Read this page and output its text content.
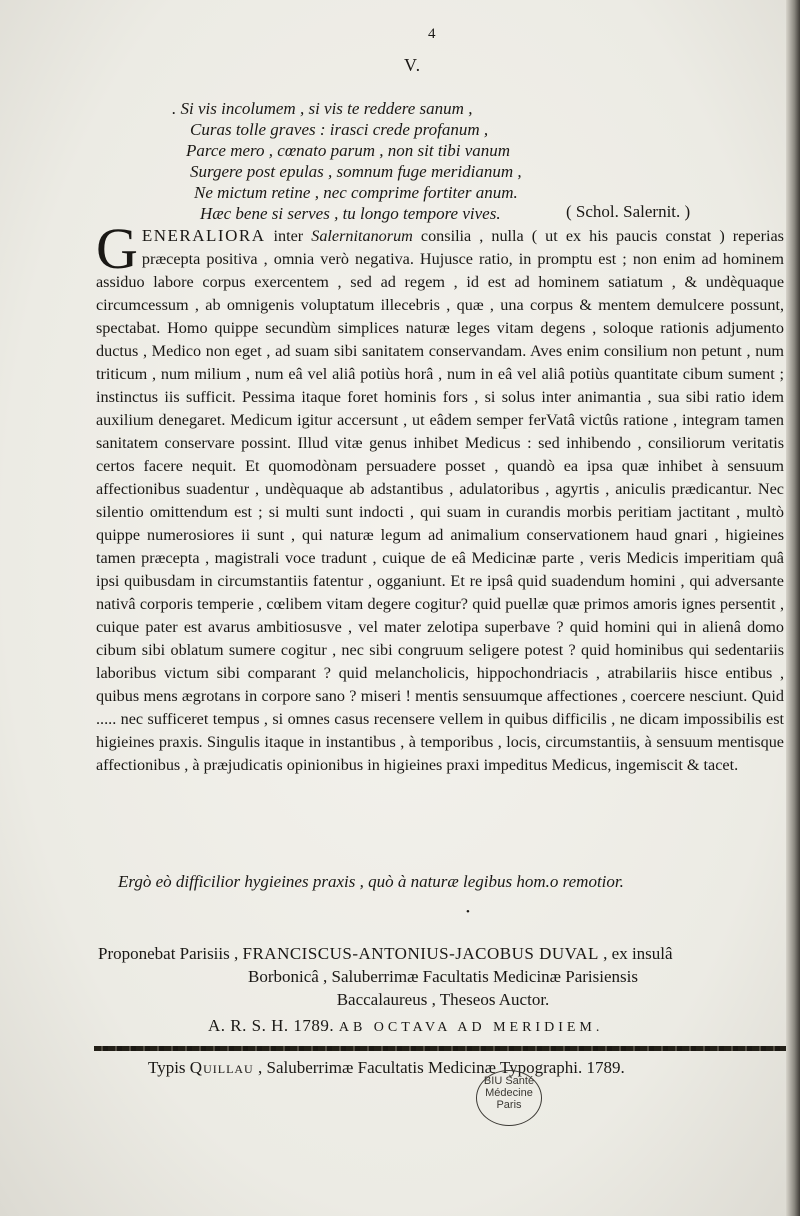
4
V.
. Si vis incolumem , si vis te reddere sanum ,
Curas tolle graves : irasci crede profanum ,
Parce mero , cœnato parum , non sit tibi vanum
Surgere post epulas , somnum fuge meridianum ,
Ne mictum retine , nec comprime fortiter anum.
Hæc bene si serves , tu longo tempore vives.	( Schol. Salernit. )
GENERALIORA inter Salernitanorum consilia , nulla ( ut ex his paucis constat ) reperias præcepta positiva , omnia verò negativa. Hujusce ratio, in promptu est ; non enim ad hominem assiduo labore corpus exercentem , sed ad regem , id est ad hominem satiatum , & undèquaque circumcessum , ab omnigenis voluptatum illecebris , quæ , una corpus & mentem demulcere possunt, spectabat. Homo quippe secundùm simplices naturæ leges vitam degens , soloque rationis adjumento ductus , Medico non eget , ad suam sibi sanitatem conservandam. Aves enim consilium non petunt , num triticum , num milium , num eâ vel aliâ potiùs horâ , num in eâ vel aliâ potiùs quantitate cibum sument ; instinctus iis sufficit. Pessima itaque foret hominis fors , si solus inter animantia , sua sibi ratio idem auxilium denegaret. Medicum igitur accersunt , ut eâdem semper ferVatâ victûs ratione , integram tamen sanitatem conservare possint. Illud vitæ genus inhibet Medicus : sed inhibendo , consiliorum veritatis certos facere nequit. Et quomodònam persuadere posset , quandò ea ipsa quæ inhibet à sensuum affectionibus suadentur , undèquaque ab adstantibus , adulatoribus , agyrtis , aniculis prædicantur. Nec silentio omittendum est ; si multi sunt indocti , qui suam in curandis morbis peritiam jactitant , multò quippe numerosiores ii sunt , qui naturæ legum ad animalium conservationem haud gnari , higieines tamen præcepta , magistrali voce tradunt , cuique de eâ Medicinæ parte , veris Medicis imperitiam quâ ipsi quibusdam in circumstantiis fatentur , ogganiunt. Et re ipsâ quid suadendum homini , qui adversante nativâ corporis temperie , cœlibem vitam degere cogitur? quid puellæ quæ primos amoris ignes persentit , cuique pater est avarus ambitiosusve , vel mater zelotipa superbave ? quid homini qui in alienâ domo cibum sibi oblatum sumere cogitur , nec sibi congruum seligere potest ? quid hominibus qui sedentariis laboribus victum sibi comparant ? quid melancholicis, hippochondriacis , atrabilariis hisce entibus , quibus mens ægrotans in corpore sano ? miseri ! mentis sensuumque affectiones , coercere nesciunt. Quid ..... nec sufficeret tempus , si omnes casus recensere vellem in quibus difficilis , ne dicam impossibilis est higieines praxis. Singulis itaque in instantibus , à temporibus , locis, circumstantiis, à sensuum mentisque affectionibus , à præjudicatis opinionibus in higieines praxi impeditus Medicus, ingemiscit & tacet.
Ergò eò difficilior hygieines praxis , quò à naturæ legibus hom.o remotior.
•
Proponebat Parisiis , FRANCISCUS-ANTONIUS-JACOBUS DUVAL , ex insulâ
Borbonicâ , Saluberrimæ Facultatis Medicinæ Parisiensis
Baccalaureus , Theseos Auctor.
A. R. S. H. 1789. AB OCTAVA AD MERIDIEM.
Typis Quillau , Saluberrimæ Facultatis Medicinæ Typographi. 1789.
BIU Santé
Médecine
Paris
